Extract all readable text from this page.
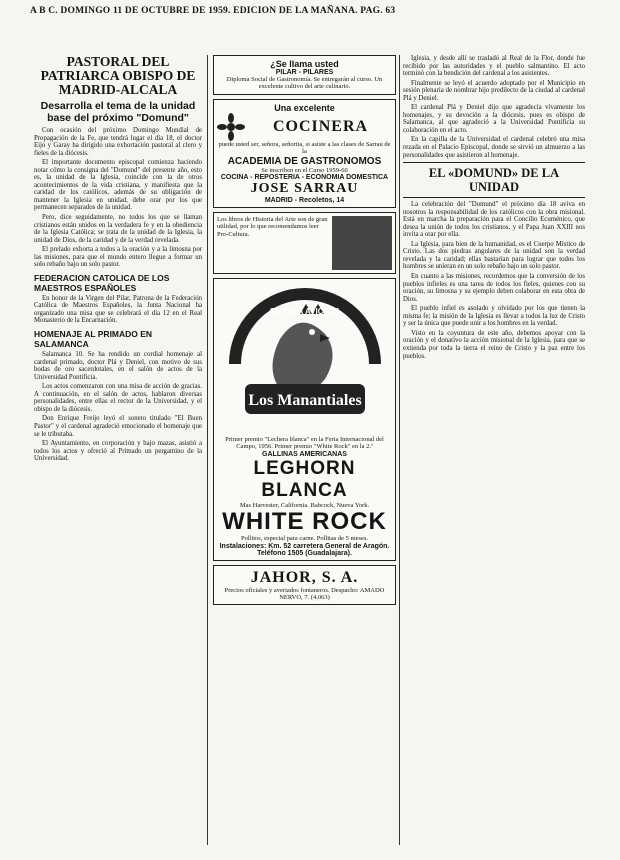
A B C. DOMINGO 11 DE OCTUBRE DE 1959. EDICION DE LA MAÑANA. PAG. 63
PASTORAL DEL PATRIARCA OBISPO DE MADRID-ALCALA
Desarrolla el tema de la unidad base del próximo "Domund"

Con ocasión del próximo Domingo Mundial de Propagación de la Fe, que tendrá lugar el día 18, el doctor Eijo y Garay ha dirigido una exhortación pastoral al clero y fieles de la diócesis.

El importante documento episcopal comienza haciendo notar cómo la consigna del "Domund" del presente año, esto es, la unidad de la Iglesia, coincide con la de otros acontecimientos de la vida cristiana, y manifiesta que la caridad de los católicos, además de su obligación de mantener la Iglesia en unidad, debe orar por los que permanecen separados de la unidad.

Pero, dice seguidamente, no todos los que se llaman cristianos están unidos en la verdadera fe y en la obediencia de la Iglesia Católica; se trata de la unidad de la Iglesia, la unidad de Dios, de la caridad y de la verdad revelada.

El prelado exhorta a todos a la oración y a la limosna por las misiones, para que el mundo entero llegue a formar un solo rebaño bajo un solo pastor.

FEDERACION CATOLICA DE LOS MAESTROS ESPAÑOLES

En honor de la Virgen del Pilar, Patrona de la Federación Católica de Maestros Españoles, la Junta Nacional ha organizado una misa que se celebrará el día 12 en el Real Monasterio de la Encarnación.

HOMENAJE AL PRIMADO EN SALAMANCA

Salamanca 10. Se ha rendido un cordial homenaje al cardenal primado, doctor Plá y Deniel, con motivo de sus bodas de oro sacerdotales, en el salón de actos de la Universidad Pontificia.

Los actos comenzaron con una misa de acción de gracias. A continuación, en el salón de actos, hablaron diversas personalidades, entre ellas el rector de la Universidad, y el obispo de la diócesis.

Don Enrique Freijo leyó el soneto titulado "El Buen Pastor" y el cardenal agradeció emocionado el homenaje que se le tributaba.

El Ayuntamiento, en corporación y bajo mazas, asistió a todos los actos y ofreció al Primado un pergamino de la Universidad.

¿Se llama usted
PILAR - PILARES
Diploma Social de Gastronomía. Se entregarán al curso. Un excelente cultivo del arte culinario.
Una excelente
COCINERA
puede usted ser, señora, señorita, si asiste a las clases de Sarrau de la
ACADEMIA DE GASTRONOMOS
Se inscriben en el Curso 1959-60
COCINA - REPOSTERIA - ECONOMIA DOMESTICA
JOSE SARRAU
MADRID - Recoletos, 14
Los libros de Historia del Arte son de gran utilidad, por lo que recomendamos leer Pro-Cultura.
Los Manantiales
GRANJA AVICOLA
Primer premio "Lechera blanca" en la Feria Internacional del Campo, 1956. Primer premio "White Rock" en la 2.ª
GALLINAS AMERICANAS
LEGHORN BLANCA
Mas Harvester, California. Babcock, Nueva York.
WHITE ROCK
Pollitos, especial para carne. Pollitas de 5 meses.
Instalaciones: Km. 52 carretera General de Aragón. Teléfono 1505 (Guadalajara).
JAHOR, S. A.
Precios oficiales y averiados fontaneros. Despacho: AMADO NERVO, 7. (4.063)

Iglesia, y desde allí se trasladó al Real de la Flor, donde fue recibido por las autoridades y el pueblo salmantino. El acto terminó con la bendición del cardenal a los asistentes.

Finalmente se leyó el acuerdo adoptado por el Municipio en sesión plenaria de nombrar hijo predilecto de la ciudad al cardenal Plá y Deniel.

El cardenal Plá y Deniel dijo que agradecía vivamente los homenajes, y su devoción a la diócesis, pues es obispo de Salamanca, al que agradeció a la Universidad Pontificia su colaboración en el acto.

En la capilla de la Universidad el cardenal celebró una misa rezada en el Palacio Episcopal, donde se sirvió un almuerzo a las personalidades que asistieron al homenaje.

EL «DOMUND» DE LA UNIDAD

La celebración del "Domund" el próximo día 18 aviva en nosotros la responsabilidad de los católicos con la obra misional. Está en marcha la preparación para el Concilio Ecuménico, que desea la unión de todos los cristianos, y el Papa Juan XXIII nos invita a orar por ella.

La Iglesia, para bien de la humanidad, es el Cuerpo Místico de Cristo. Las dos piedras angulares de la unidad son la verdad revelada y la caridad; ellas bastarían para lograr que todos los hombres se unieran en un solo rebaño bajo un solo pastor.

En cuanto a las misiones, recordemos que la conversión de los pueblos infieles es una tarea de todos los fieles, quienes con su oración, su limosna y su ejemplo deben colaborar en esta obra de Dios.

El pueblo infiel es asolado y olvidado por los que tienen la misma fe; la misión de la Iglesia es llevar a todos la luz de Cristo y ser la única que puede unir a los hombres en la verdad.

Visto en la coyuntura de este año, debemos apoyar con la oración y el donativo la acción misional de la Iglesia, para que se extienda por toda la tierra el reino de Cristo y la paz entre los pueblos.
